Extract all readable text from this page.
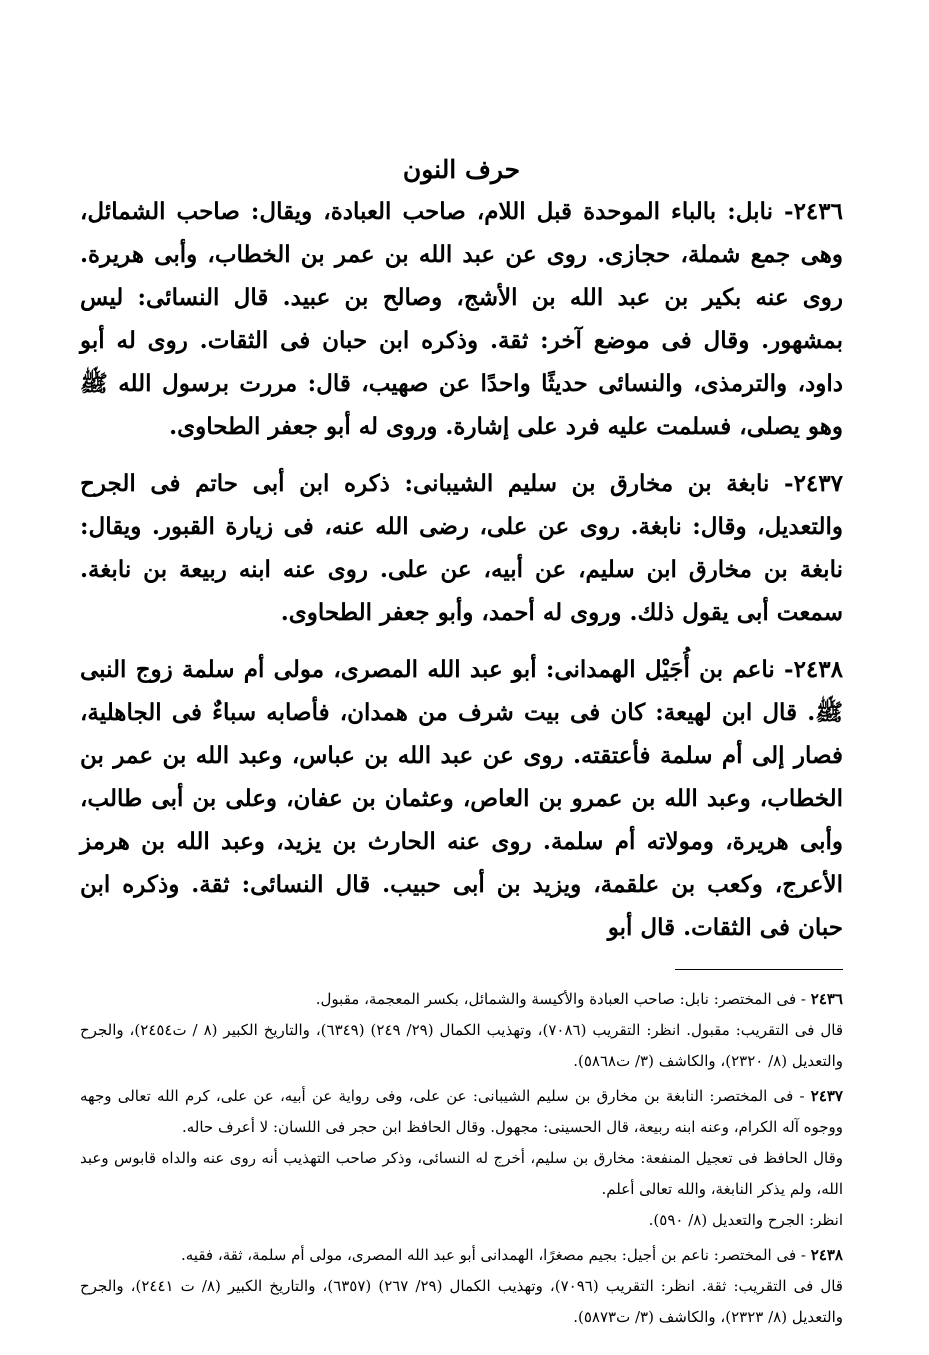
حرف النون

٢٤٣٦- نابل: بالباء الموحدة قبل اللام، صاحب العبادة، ويقال: صاحب الشمائل، وهى جمع شملة، حجازى. روى عن عبد الله بن عمر بن الخطاب، وأبى هريرة. روى عنه بكير بن عبد الله بن الأشج، وصالح بن عبيد. قال النسائى: ليس بمشهور. وقال فى موضع آخر: ثقة. وذكره ابن حبان فى الثقات. روى له أبو داود، والترمذى، والنسائى حديثًا واحدًا عن صهيب، قال: مررت برسول الله ﷺ وهو يصلى، فسلمت عليه فرد على إشارة. وروى له أبو جعفر الطحاوى.

٢٤٣٧- نابغة بن مخارق بن سليم الشيبانى: ذكره ابن أبى حاتم فى الجرح والتعديل، وقال: نابغة. روى عن على، رضى الله عنه، فى زيارة القبور. ويقال: نابغة بن مخارق ابن سليم، عن أبيه، عن على. روى عنه ابنه ربيعة بن نابغة. سمعت أبى يقول ذلك. وروى له أحمد، وأبو جعفر الطحاوى.

٢٤٣٨- ناعم بن أُجَيْل الهمدانى: أبو عبد الله المصرى، مولى أم سلمة زوج النبى ﷺ. قال ابن لهيعة: كان فى بيت شرف من همدان، فأصابه سباءٌ فى الجاهلية، فصار إلى أم سلمة فأعتقته. روى عن عبد الله بن عباس، وعبد الله بن عمر بن الخطاب، وعبد الله بن عمرو بن العاص، وعثمان بن عفان، وعلى بن أبى طالب، وأبى هريرة، ومولاته أم سلمة. روى عنه الحارث بن يزيد، وعبد الله بن هرمز الأعرج، وكعب بن علقمة، ويزيد بن أبى حبيب. قال النسائى: ثقة. وذكره ابن حبان فى الثقات. قال أبو

٢٤٣٦ - فى المختصر: نابل: صاحب العبادة والأكيسة والشمائل، بكسر المعجمة، مقبول.

قال فى التقريب: مقبول. انظر: التقريب (٧٠٨٦)، وتهذيب الكمال (٢٩/ ٢٤٩) (٦٣٤٩)، والتاريخ الكبير (٨ / ت٢٤٥٤)، والجرح والتعديل (٨/ ٢٣٢٠)، والكاشف (٣/ ت٥٨٦٨).

٢٤٣٧ - فى المختصر: النابغة بن مخارق بن سليم الشيبانى: عن على، وفى رواية عن أبيه، عن على، كرم الله تعالى وجهه ووجوه آله الكرام، وعنه ابنه ربيعة، قال الحسينى: مجهول. وقال الحافظ ابن حجر فى اللسان: لا أعرف حاله.

وقال الحافظ فى تعجيل المنفعة: مخارق بن سليم، أخرج له النسائى، وذكر صاحب التهذيب أنه روى عنه والداه قابوس وعبد الله، ولم يذكر النابغة، والله تعالى أعلم.

انظر: الجرح والتعديل (٨/ ٥٩٠).

٢٤٣٨ - فى المختصر: ناعم بن أجيل: بجيم مصغرًا، الهمدانى أبو عبد الله المصرى، مولى أم سلمة، ثقة، فقيه.

قال فى التقريب: ثقة. انظر: التقريب (٧٠٩٦)، وتهذيب الكمال (٢٩/ ٢٦٧) (٦٣٥٧)، والتاريخ الكبير (٨/ ت ٢٤٤١)، والجرح والتعديل (٨/ ٢٣٢٣)، والكاشف (٣/ ت٥٨٧٣).
